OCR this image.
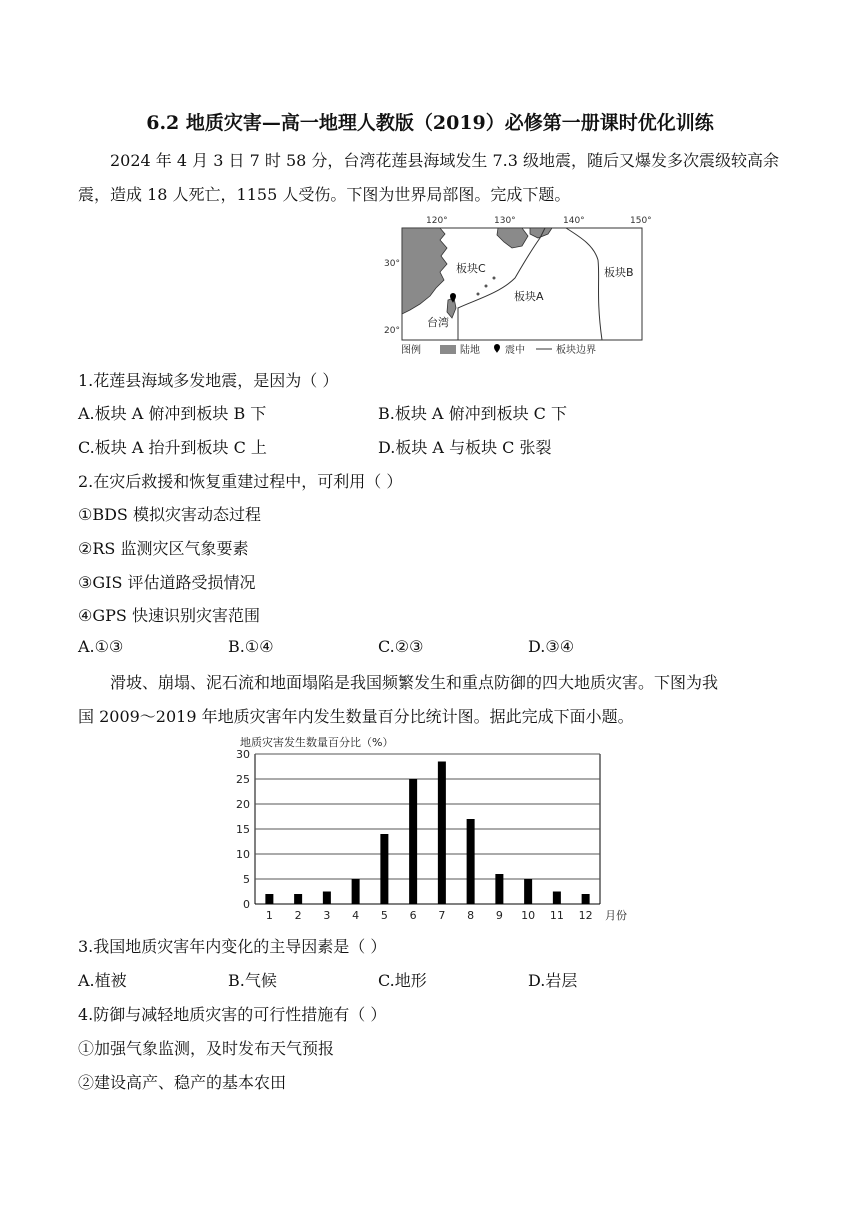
6.2 地质灾害—高一地理人教版（2019）必修第一册课时优化训练
2024 年 4 月 3 日 7 时 58 分，台湾花莲县海域发生 7.3 级地震，随后又爆发多次震级较高余
震，造成 18 人死亡，1155 人受伤。下图为世界局部图。完成下题。
120°	130°	140°	150°
30°
20°
板块C
板块A
板块B
台湾
图例	陆地	震中	板块边界
1.花莲县海域多发地震，是因为（ ）
A.板块 A 俯冲到板块 B 下	B.板块 A 俯冲到板块 C 下
C.板块 A 抬升到板块 C 上	D.板块 A 与板块 C 张裂
2.在灾后救援和恢复重建过程中，可利用（ ）
①BDS 模拟灾害动态过程
②RS 监测灾区气象要素
③GIS 评估道路受损情况
④GPS 快速识别灾害范围
A.①③	B.①④	C.②③	D.③④
滑坡、崩塌、泥石流和地面塌陷是我国频繁发生和重点防御的四大地质灾害。下图为我
国 2009～2019 年地质灾害年内发生数量百分比统计图。据此完成下面小题。
地质灾害发生数量百分比（%）
0
5
10
15
20
25
30
1 2 3 4 5 6 7 8 9 10 11 12 月份
3.我国地质灾害年内变化的主导因素是（ ）
A.植被	B.气候	C.地形	D.岩层
4.防御与减轻地质灾害的可行性措施有（ ）
①加强气象监测，及时发布天气预报
②建设高产、稳产的基本农田
